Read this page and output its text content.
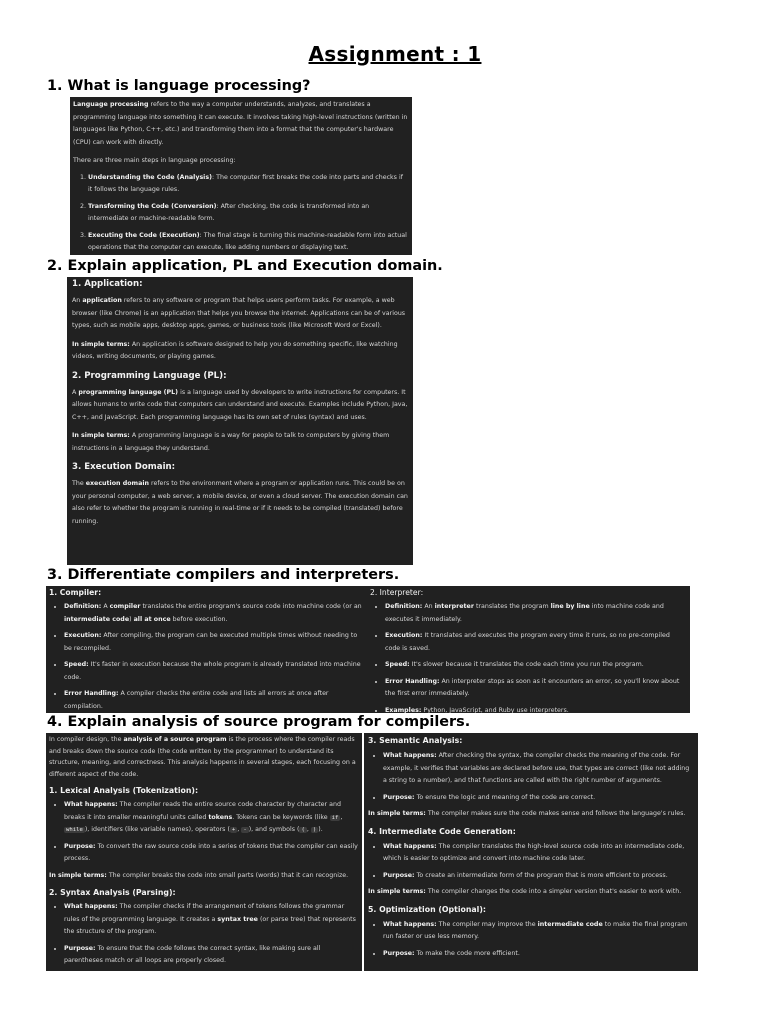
Assignment : 1
1. What is language processing?

Language processing refers to the way a computer understands, analyzes, and translates a programming language into something it can execute. It involves taking high-level instructions (written in languages like Python, C++, etc.) and transforming them into a format that the computer's hardware (CPU) can work with directly.

There are three main steps in language processing:

1. Understanding the Code (Analysis): The computer first breaks the code into parts and checks if it follows the language rules.
2. Transforming the Code (Conversion): After checking, the code is transformed into an intermediate or machine-readable form.
3. Executing the Code (Execution): The final stage is turning this machine-readable form into actual operations that the computer can execute, like adding numbers or displaying text.
2. Explain application, PL and Execution domain.
1. Application:

An application refers to any software or program that helps users perform tasks. For example, a web browser (like Chrome) is an application that helps you browse the internet. Applications can be of various types, such as mobile apps, desktop apps, games, or business tools (like Microsoft Word or Excel).

In simple terms: An application is software designed to help you do something specific, like watching videos, writing documents, or playing games.

2. Programming Language (PL):

A programming language (PL) is a language used by developers to write instructions for computers. It allows humans to write code that computers can understand and execute. Examples include Python, Java, C++, and JavaScript. Each programming language has its own set of rules (syntax) and uses.

In simple terms: A programming language is a way for people to talk to computers by giving them instructions in a language they understand.

3. Execution Domain:

The execution domain refers to the environment where a program or application runs. This could be on your personal computer, a web server, a mobile device, or even a cloud server. The execution domain can also refer to whether the program is running in real-time or if it needs to be compiled (translated) before running.

3. Differentiate compilers and interpreters.
1. Compiler:
• Definition: A compiler translates the entire program's source code into machine code (or an intermediate code) all at once before execution.
• Execution: After compiling, the program can be executed multiple times without needing to be recompiled.
• Speed: It's faster in execution because the whole program is already translated into machine code.
• Error Handling: A compiler checks the entire code and lists all errors at once after compilation.
2. Interpreter:
• Definition: An interpreter translates the program line by line into machine code and executes it immediately.
• Execution: It translates and executes the program every time it runs, so no pre-compiled code is saved.
• Speed: It's slower because it translates the code each time you run the program.
• Error Handling: An interpreter stops as soon as it encounters an error, so you'll know about the first error immediately.
• Examples: Python, JavaScript, and Ruby use interpreters.
4. Explain analysis of source program for compilers.

In compiler design, the analysis of a source program is the process where the compiler reads and breaks down the source code (the code written by the programmer) to understand its structure, meaning, and correctness. This analysis happens in several stages, each focusing on a different aspect of the code.

1. Lexical Analysis (Tokenization):
• What happens: The compiler reads the entire source code character by character and breaks it into smaller meaningful units called tokens. Tokens can be keywords (like if , while ), identifiers (like variable names), operators ( + , - ), and symbols ( ( , ) ).
• Purpose: To convert the raw source code into a series of tokens that the compiler can easily process.

In simple terms: The compiler breaks the code into small parts (words) that it can recognize.

2. Syntax Analysis (Parsing):
• What happens: The compiler checks if the arrangement of tokens follows the grammar rules of the programming language. It creates a syntax tree (or parse tree) that represents the structure of the program.
• Purpose: To ensure that the code follows the correct syntax, like making sure all parentheses match or all loops are properly closed.
3. Semantic Analysis:
• What happens: After checking the syntax, the compiler checks the meaning of the code. For example, it verifies that variables are declared before use, that types are correct (like not adding a string to a number), and that functions are called with the right number of arguments.
• Purpose: To ensure the logic and meaning of the code are correct.

In simple terms: The compiler makes sure the code makes sense and follows the language's rules.

4. Intermediate Code Generation:
• What happens: The compiler translates the high-level source code into an intermediate code, which is easier to optimize and convert into machine code later.
• Purpose: To create an intermediate form of the program that is more efficient to process.

In simple terms: The compiler changes the code into a simpler version that's easier to work with.

5. Optimization (Optional):
• What happens: The compiler may improve the intermediate code to make the final program run faster or use less memory.
• Purpose: To make the code more efficient.
